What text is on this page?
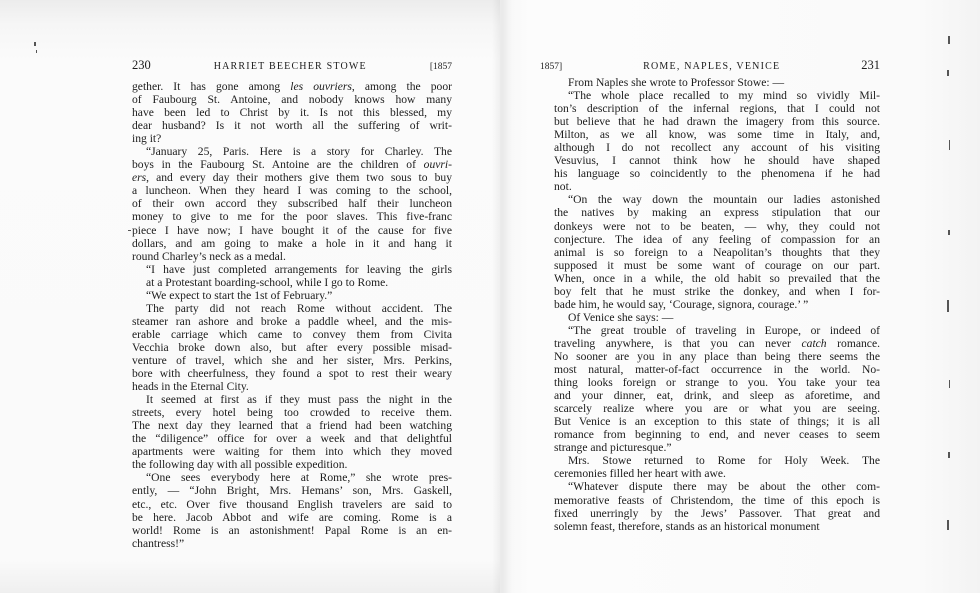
230	HARRIET BEECHER STOWE	[1857
gether. It has gone among les ouvriers, among the poor
of Faubourg St. Antoine, and nobody knows how many
have been led to Christ by it. Is not this blessed, my
dear husband? Is it not worth all the suffering of writ-
ing it?
“January 25, Paris. Here is a story for Charley. The
boys in the Faubourg St. Antoine are the children of ouvri-
ers, and every day their mothers give them two sous to buy
a luncheon. When they heard I was coming to the school,
of their own accord they subscribed half their luncheon
money to give to me for the poor slaves. This five-franc
piece I have now; I have bought it of the cause for five
dollars, and am going to make a hole in it and hang it
round Charley’s neck as a medal.
“I have just completed arrangements for leaving the girls
at a Protestant boarding-school, while I go to Rome.
“We expect to start the 1st of February.”
The party did not reach Rome without accident. The
steamer ran ashore and broke a paddle wheel, and the mis-
erable carriage which came to convey them from Civita
Vecchia broke down also, but after every possible misad-
venture of travel, which she and her sister, Mrs. Perkins,
bore with cheerfulness, they found a spot to rest their weary
heads in the Eternal City.
It seemed at first as if they must pass the night in the
streets, every hotel being too crowded to receive them.
The next day they learned that a friend had been watching
the “diligence” office for over a week and that delightful
apartments were waiting for them into which they moved
the following day with all possible expedition.
“One sees everybody here at Rome,” she wrote pres-
ently, — “John Bright, Mrs. Hemans’ son, Mrs. Gaskell,
etc., etc. Over five thousand English travelers are said to
be here. Jacob Abbot and wife are coming. Rome is a
world! Rome is an astonishment! Papal Rome is an en-
chantress!”
1857]	ROME, NAPLES, VENICE	231
From Naples she wrote to Professor Stowe: —
“The whole place recalled to my mind so vividly Mil-
ton’s description of the infernal regions, that I could not
but believe that he had drawn the imagery from this source.
Milton, as we all know, was some time in Italy, and,
although I do not recollect any account of his visiting
Vesuvius, I cannot think how he should have shaped
his language so coincidently to the phenomena if he had
not.
“On the way down the mountain our ladies astonished
the natives by making an express stipulation that our
donkeys were not to be beaten, — why, they could not
conjecture. The idea of any feeling of compassion for an
animal is so foreign to a Neapolitan’s thoughts that they
supposed it must be some want of courage on our part.
When, once in a while, the old habit so prevailed that the
boy felt that he must strike the donkey, and when I for-
bade him, he would say, ‘Courage, signora, courage.’ ”
Of Venice she says: —
“The great trouble of traveling in Europe, or indeed of
traveling anywhere, is that you can never catch romance.
No sooner are you in any place than being there seems the
most natural, matter-of-fact occurrence in the world. No-
thing looks foreign or strange to you. You take your tea
and your dinner, eat, drink, and sleep as aforetime, and
scarcely realize where you are or what you are seeing.
But Venice is an exception to this state of things; it is all
romance from beginning to end, and never ceases to seem
strange and picturesque.”
Mrs. Stowe returned to Rome for Holy Week. The
ceremonies filled her heart with awe.
“Whatever dispute there may be about the other com-
memorative feasts of Christendom, the time of this epoch is
fixed unerringly by the Jews’ Passover. That great and
solemn feast, therefore, stands as an historical monument
